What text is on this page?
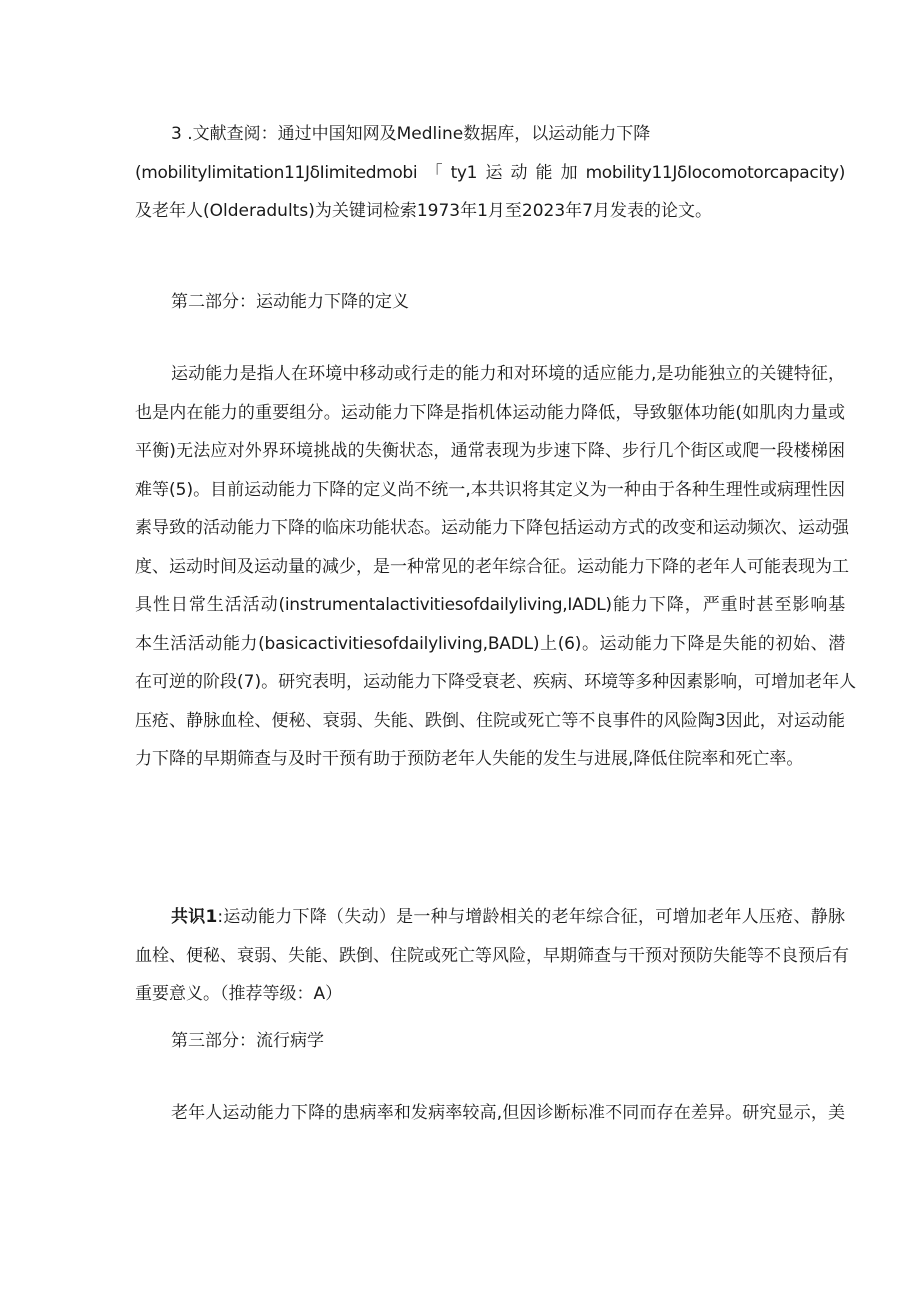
3 .文献查阅：通过中国知网及Medline数据库，以运动能力下降
(mobilitylimitation11JδIimitedmobi「ty1运动能加mobility11JδIocomotorcapacity)
及老年人(Olderadults)为关键词检索1973年1月至2023年7月发表的论文。
第二部分：运动能力下降的定义
运动能力是指人在环境中移动或行走的能力和对环境的适应能力,是功能独立的关键特征，
也是内在能力的重要组分。运动能力下降是指机体运动能力降低，导致躯体功能(如肌肉力量或
平衡)无法应对外界环境挑战的失衡状态，通常表现为步速下降、步行几个街区或爬一段楼梯困
难等(5)。目前运动能力下降的定义尚不统一,本共识将其定义为一种由于各种生理性或病理性因
素导致的活动能力下降的临床功能状态。运动能力下降包括运动方式的改变和运动频次、运动强
度、运动时间及运动量的减少，是一种常见的老年综合征。运动能力下降的老年人可能表现为工
具性日常生活活动(instrumentalactivitiesofdailyliving,IADL)能力下降，严重时甚至影响基
本生活活动能力(basicactivitiesofdailyliving,BADL)上(6)。运动能力下降是失能的初始、潜
在可逆的阶段(7)。研究表明，运动能力下降受衰老、疾病、环境等多种因素影响，可增加老年人
压疮、静脉血栓、便秘、衰弱、失能、跌倒、住院或死亡等不良事件的风险陶3因此，对运动能
力下降的早期筛查与及时干预有助于预防老年人失能的发生与进展,降低住院率和死亡率。
共识1:运动能力下降（失动）是一种与增龄相关的老年综合征，可增加老年人压疮、静脉
血栓、便秘、衰弱、失能、跌倒、住院或死亡等风险，早期筛查与干预对预防失能等不良预后有
重要意义。（推荐等级：A）
第三部分：流行病学
老年人运动能力下降的患病率和发病率较高,但因诊断标准不同而存在差异。研究显示，美
